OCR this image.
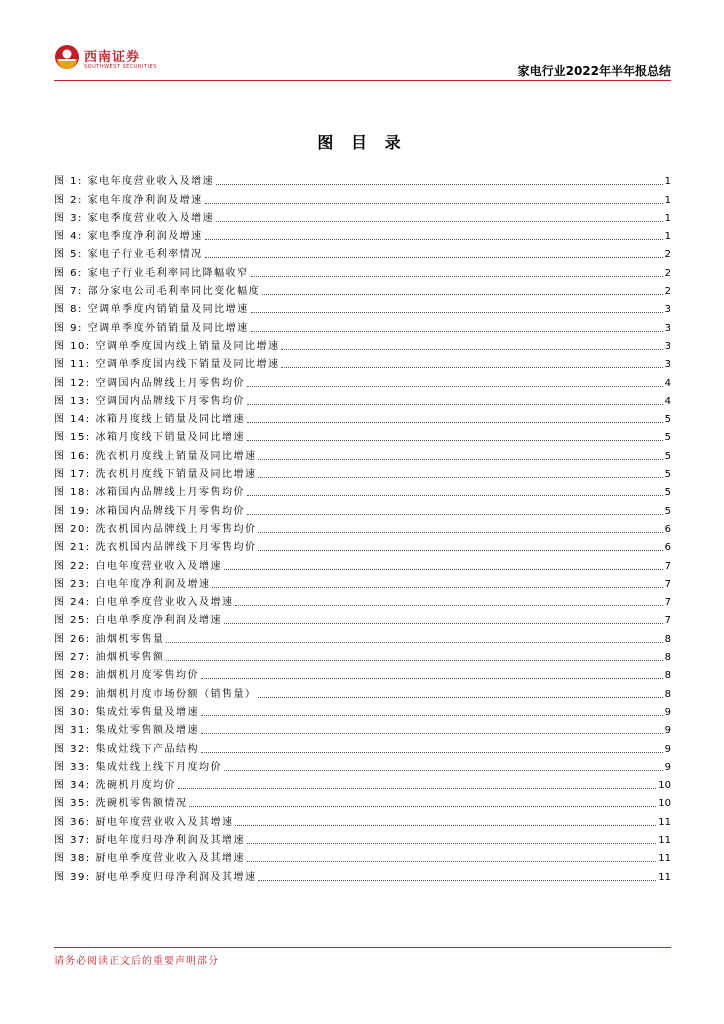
西南证券
SOUTHWEST SECURITIES	家电行业2022年半年报总结
图 目 录
图 1: 家电年度营业收入及增速	1
图 2: 家电年度净利润及增速	1
图 3: 家电季度营业收入及增速	1
图 4: 家电季度净利润及增速	1
图 5: 家电子行业毛利率情况	2
图 6: 家电子行业毛利率同比降幅收窄	2
图 7: 部分家电公司毛利率同比变化幅度	2
图 8: 空调单季度内销销量及同比增速	3
图 9: 空调单季度外销销量及同比增速	3
图 10: 空调单季度国内线上销量及同比增速	3
图 11: 空调单季度国内线下销量及同比增速	3
图 12: 空调国内品牌线上月零售均价	4
图 13: 空调国内品牌线下月零售均价	4
图 14: 冰箱月度线上销量及同比增速	5
图 15: 冰箱月度线下销量及同比增速	5
图 16: 洗衣机月度线上销量及同比增速	5
图 17: 洗衣机月度线下销量及同比增速	5
图 18: 冰箱国内品牌线上月零售均价	5
图 19: 冰箱国内品牌线下月零售均价	5
图 20: 洗衣机国内品牌线上月零售均价	6
图 21: 洗衣机国内品牌线下月零售均价	6
图 22: 白电年度营业收入及增速	7
图 23: 白电年度净利润及增速	7
图 24: 白电单季度营业收入及增速	7
图 25: 白电单季度净利润及增速	7
图 26: 油烟机零售量	8
图 27: 油烟机零售额	8
图 28: 油烟机月度零售均价	8
图 29: 油烟机月度市场份额（销售量）	8
图 30: 集成灶零售量及增速	9
图 31: 集成灶零售额及增速	9
图 32: 集成灶线下产品结构	9
图 33: 集成灶线上线下月度均价	9
图 34: 洗碗机月度均价	10
图 35: 洗碗机零售额情况	10
图 36: 厨电年度营业收入及其增速	11
图 37: 厨电年度归母净利润及其增速	11
图 38: 厨电单季度营业收入及其增速	11
图 39: 厨电单季度归母净利润及其增速	11
请务必阅读正文后的重要声明部分
